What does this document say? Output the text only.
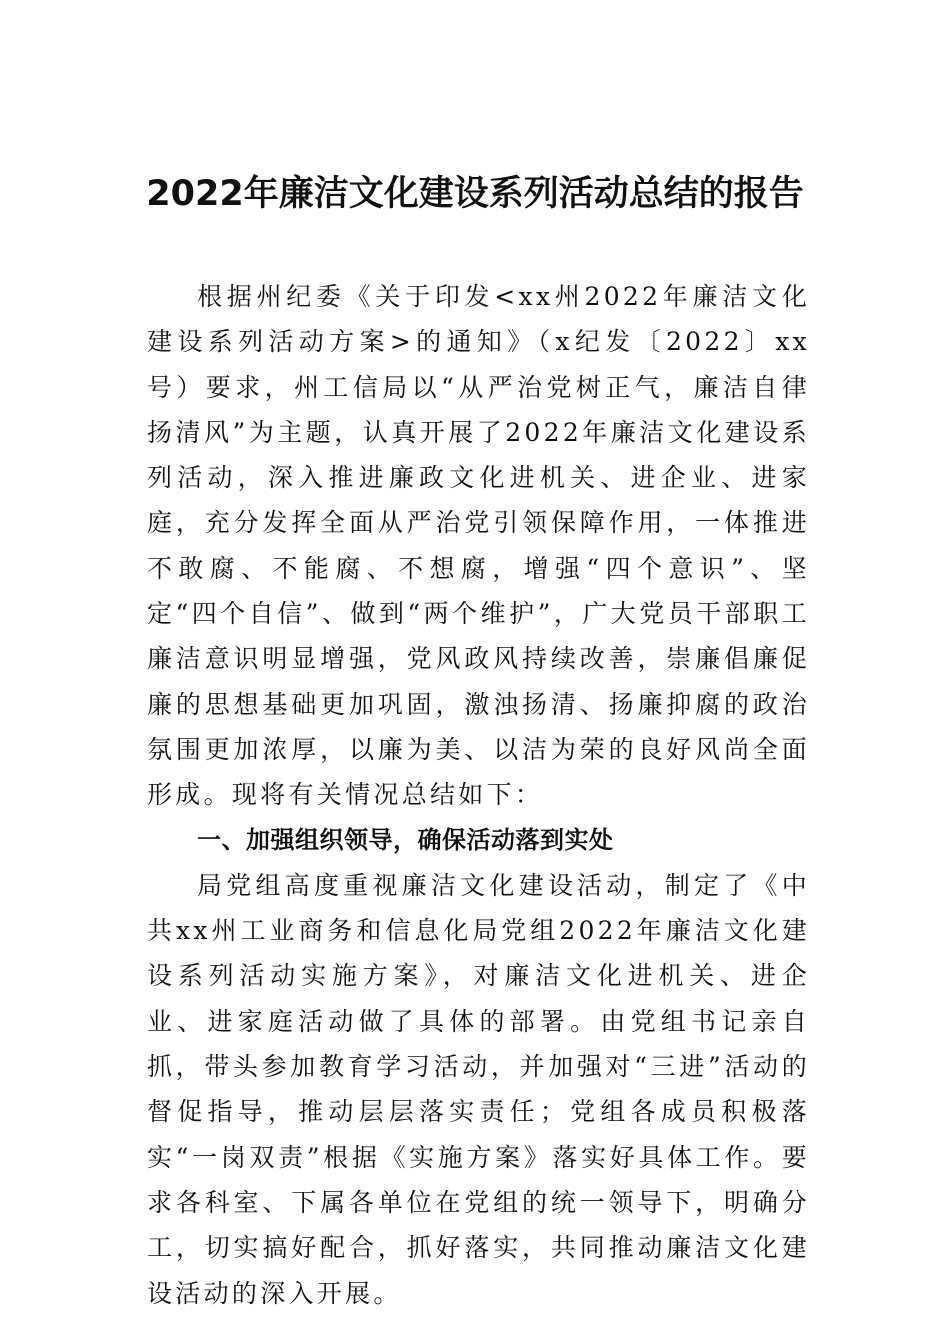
2022年廉洁文化建设系列活动总结的报告

根据州纪委《关于印发<xx州2022年廉洁文化建设系列活动方案>的通知》（x纪发〔2022〕xx号）要求，州工信局以“从严治党树正气，廉洁自律扬清风”为主题，认真开展了2022年廉洁文化建设系列活动，深入推进廉政文化进机关、进企业、进家庭，充分发挥全面从严治党引领保障作用，一体推进不敢腐、不能腐、不想腐，增强“四个意识”、坚定“四个自信”、做到“两个维护”，广大党员干部职工廉洁意识明显增强，党风政风持续改善，崇廉倡廉促廉的思想基础更加巩固，激浊扬清、扬廉抑腐的政治氛围更加浓厚，以廉为美、以洁为荣的良好风尚全面形成。现将有关情况总结如下：

一、加强组织领导，确保活动落到实处

局党组高度重视廉洁文化建设活动，制定了《中共xx州工业商务和信息化局党组2022年廉洁文化建设系列活动实施方案》，对廉洁文化进机关、进企业、进家庭活动做了具体的部署。由党组书记亲自抓，带头参加教育学习活动，并加强对“三进”活动的督促指导，推动层层落实责任；党组各成员积极落实“一岗双责”根据《实施方案》落实好具体工作。要求各科室、下属各单位在党组的统一领导下，明确分工，切实搞好配合，抓好落实，共同推动廉洁文化建设活动的深入开展。
